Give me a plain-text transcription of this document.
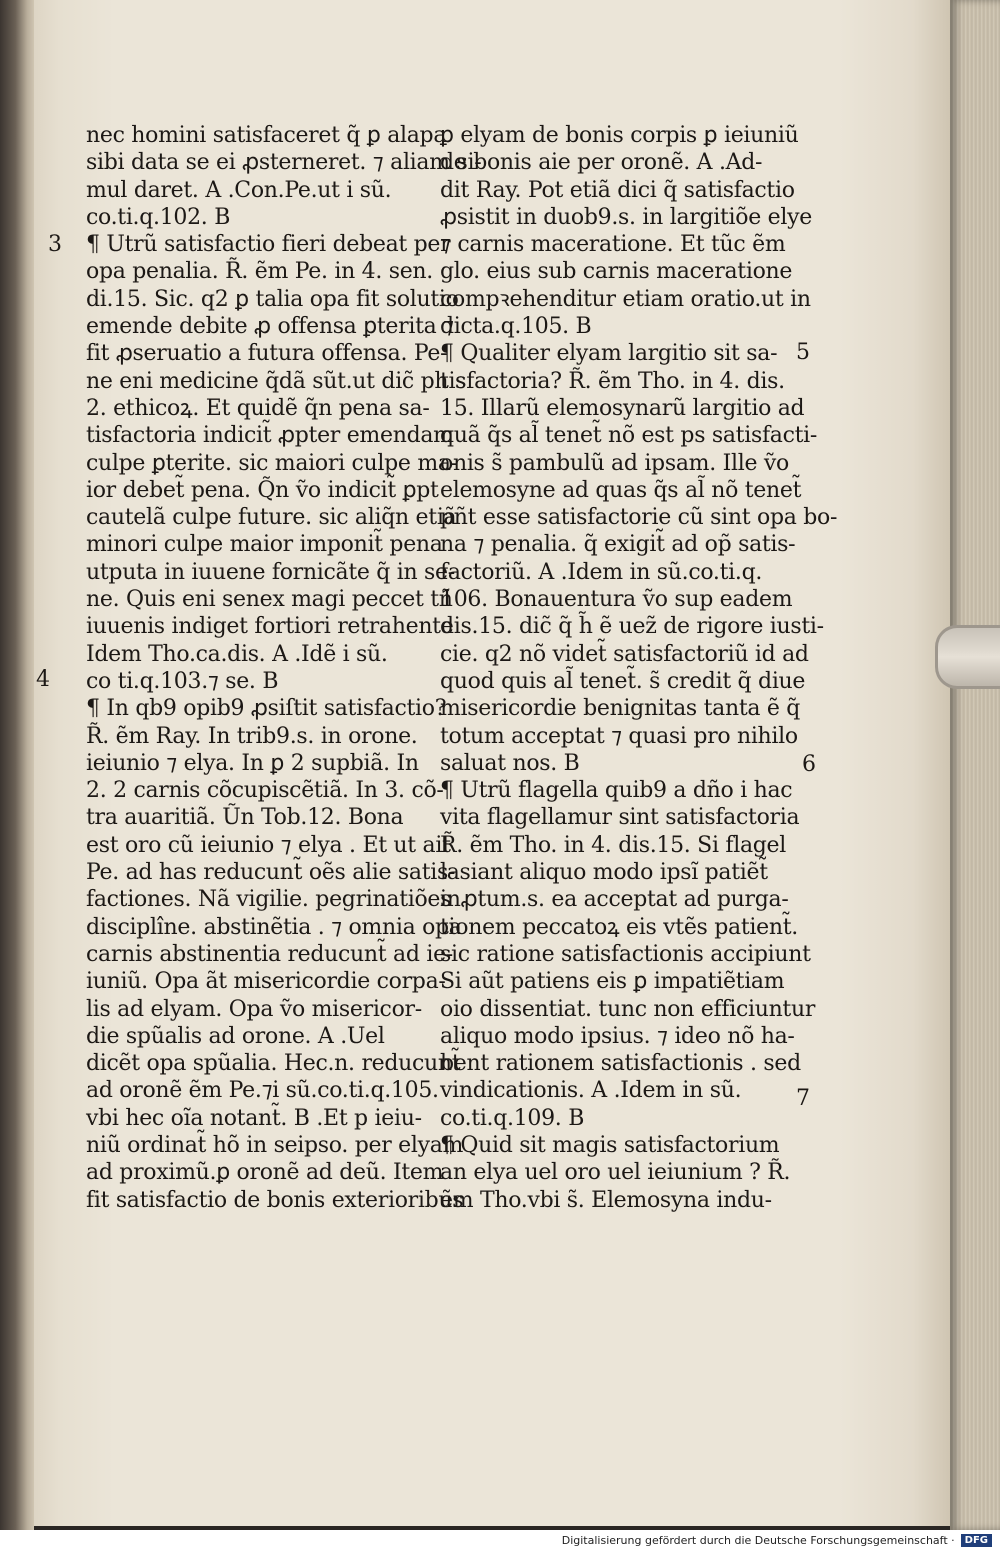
nec homini satisfaceret q̃ ꝑ alapa

sibi data se ei ꝓsterneret. ⁊ aliam si-

mul daret. A .Con.Pe.ut i sũ.

co.ti.q.102. B

¶ Utrũ satisfactio fieri debeat per

opa penalia. R̃. ẽm Pe. in 4. sen.

di.15. Sic. q2 ꝑ talia opa fit solutio

emende debite ꝓ offensa ꝑterita ⁊

fit ꝓseruatio a futura offensa. Pe-

ne eni medicine q̃dã sũt.ut dic̃ ph s

2. ethicoꝝ. Et quidẽ q̃n pena sa-

tisfactoria indicit̃ ꝓpter emendam

culpe ꝑterite. sic maiori culpe ma-

ior debet̃ pena. Q̃n ṽo indicit̃ ꝑpt

cautelã culpe future. sic aliq̃n etiã

minori culpe maior imponit̃ pena

utputa in iuuene fornicãte q̃ in se-

ne. Quis eni senex magi peccet tñ

iuuenis indiget fortiori retrahente

Idem Tho.ca.dis. A .Idẽ i sũ.

co ti.q.103.⁊ se. B

¶ In qb9 opib9 ꝓsiſtit satisfactio?

R̃. ẽm Ray. In trib9.s. in orone.

ieiunio ⁊ elya. In ꝑ 2 supbiã. In

2. 2 carnis cõcupiscẽtiã. In 3. cõ-

tra auaritiã. Ũn Tob.12. Bona

est oro cũ ieiunio ⁊ elya . Et ut ait

Pe. ad has reducunt̃ oẽs alie satis-

factiones. Nã vigilie. pegrinatiões

disciplîne. abstinẽtia . ⁊ omnia opa

carnis abstinentia reducunt̃ ad ie-

iuniũ. Opa ãt misericordie corpa-

lis ad elyam. Opa ṽo misericor-

die spũalis ad orone. A .Uel

dicẽt opa spũalia. Hec.n. reducunt̃

ad oronẽ ẽm Pe.⁊i sũ.co.ti.q.105.

vbi hec oĩa notant̃. B .Et p ieiu-

niũ ordinat̃ hõ in seipso. per elyam

ad proximũ.ꝑ oronẽ ad deũ. Item

fit satisfactio de bonis exterioribus

ꝑ elyam de bonis corpis ꝑ ieiuniũ

de bonis aie per oronẽ. A .Ad-

dit Ray. Pot etiã dici q̃ satisfactio

ꝓsistit in duob9.s. in largitiõe elye

⁊ carnis maceratione. Et tũc ẽm

glo. eius sub carnis maceratione

compꝛehenditur etiam oratio.ut in

dicta.q.105. B

¶ Qualiter elyam largitio sit sa-

tisfactoria? R̃. ẽm Tho. in 4. dis.

15. Illarũ elemosynarũ largitio ad

quã q̃s al̃ tenet̃ nõ est ps satisfacti-

onis s̃ pambulũ ad ipsam. Ille ṽo

elemosyne ad quas q̃s al̃ nõ tenet̃

pñt esse satisfactorie cũ sint opa bo-

na ⁊ penalia. q̃ exigit̃ ad op̃ satis-

factoriũ. A .Idem in sũ.co.ti.q.

106. Bonauentura ṽo sup eadem

dis.15. dic̃ q̃ h̃ ẽ uez̃ de rigore iusti-

cie. q2 nõ videt̃ satisfactoriũ id ad

quod quis al̃ tenet̃. s̃ credit q̃ diue

misericordie benignitas tanta ẽ q̃

totum acceptat ⁊ quasi pro nihilo

saluat nos. B

¶ Utrũ flagella quib9 a dño i hac

vita flagellamur sint satisfactoria

R̃. ẽm Tho. in 4. dis.15. Si flagel

lasiant aliquo modo ipsĩ patiẽt̃

inꝓtum.s. ea acceptat ad purga-

tionem peccatoꝝ eis vtẽs patient̃.

sic ratione satisfactionis accipiunt

Si aũt patiens eis ꝑ impatiẽtiam

oio dissentiat. tunc non efficiuntur

aliquo modo ipsius. ⁊ ideo nõ ha-

bent rationem satisfactionis . sed

vindicationis. A .Idem in sũ.

co.ti.q.109. B

¶ Quid sit magis satisfactorium

an elya uel oro uel ieiunium ? R̃.

ẽm Tho.vbi s̃. Elemosyna indu-

3
4
5
6
7
Digitalisierung gefördert durch die Deutsche Forschungsgemeinschaft ·	DFG
